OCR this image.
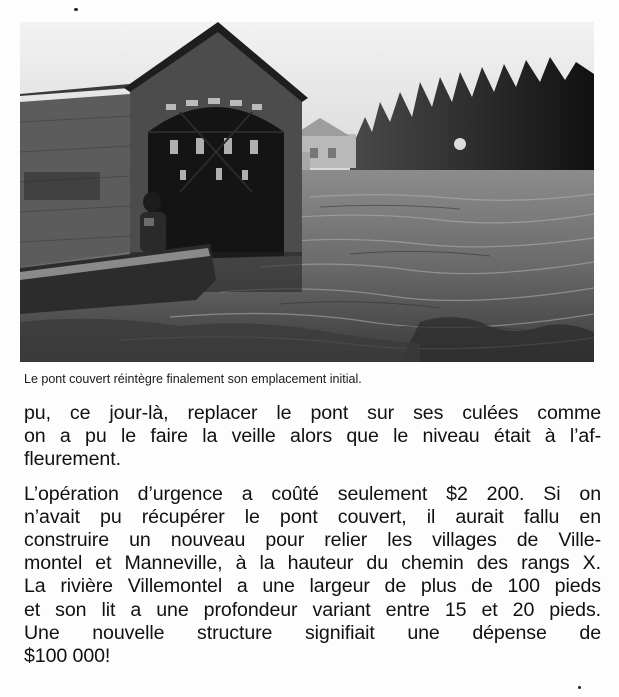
Le pont couvert réintègre finalement son emplacement initial.

pu, ce jour-là, replacer le pont sur ses culées comme
on a pu le faire la veille alors que le niveau était à l’af-
fleurement.

L’opération d’urgence a coûté seulement $2 200. Si on
n’avait pu récupérer le pont couvert, il aurait fallu en
construire un nouveau pour relier les villages de Ville-
montel et Manneville, à la hauteur du chemin des rangs X.
La rivière Villemontel a une largeur de plus de 100 pieds
et son lit a une profondeur variant entre 15 et 20 pieds.
Une nouvelle structure signifiait une dépense de
$100 000!
